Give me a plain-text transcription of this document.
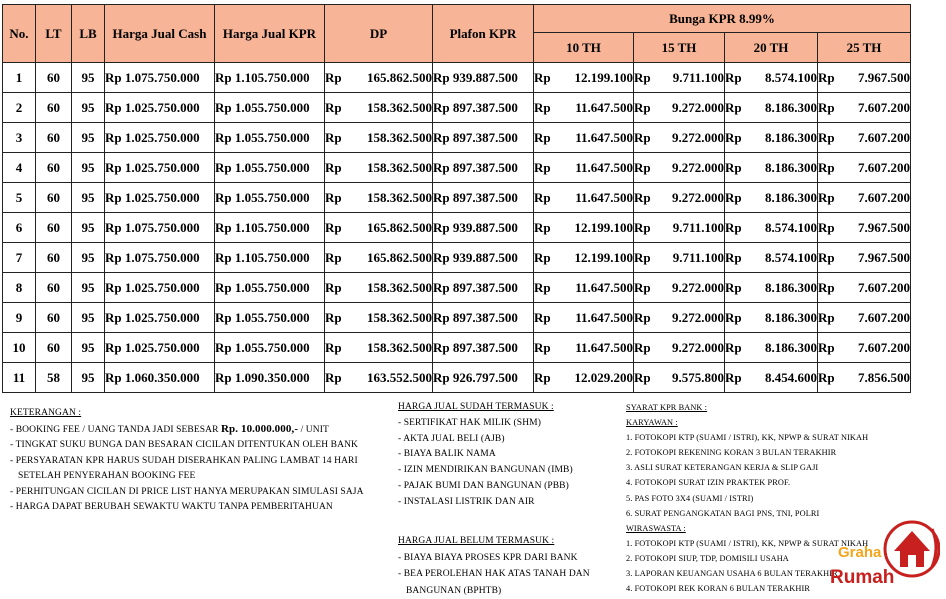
No.	LT	LB	Harga Jual Cash	Harga Jual KPR	DP	Plafon KPR	Bunga KPR 8.99%			
							10 TH	15 TH	20 TH	25 TH
1	60	95	Rp 1.075.750.000	Rp 1.105.750.000	Rp 165.862.500	Rp 939.887.500	Rp 12.199.100	Rp 9.711.100	Rp 8.574.100	Rp 7.967.500

2	60	95	Rp 1.025.750.000	Rp 1.055.750.000	Rp 158.362.500	Rp 897.387.500	Rp 11.647.500	Rp 9.272.000	Rp 8.186.300	Rp 7.607.200

3	60	95	Rp 1.025.750.000	Rp 1.055.750.000	Rp 158.362.500	Rp 897.387.500	Rp 11.647.500	Rp 9.272.000	Rp 8.186.300	Rp 7.607.200

4	60	95	Rp 1.025.750.000	Rp 1.055.750.000	Rp 158.362.500	Rp 897.387.500	Rp 11.647.500	Rp 9.272.000	Rp 8.186.300	Rp 7.607.200

5	60	95	Rp 1.025.750.000	Rp 1.055.750.000	Rp 158.362.500	Rp 897.387.500	Rp 11.647.500	Rp 9.272.000	Rp 8.186.300	Rp 7.607.200

6	60	95	Rp 1.075.750.000	Rp 1.105.750.000	Rp 165.862.500	Rp 939.887.500	Rp 12.199.100	Rp 9.711.100	Rp 8.574.100	Rp 7.967.500

7	60	95	Rp 1.075.750.000	Rp 1.105.750.000	Rp 165.862.500	Rp 939.887.500	Rp 12.199.100	Rp 9.711.100	Rp 8.574.100	Rp 7.967.500

8	60	95	Rp 1.025.750.000	Rp 1.055.750.000	Rp 158.362.500	Rp 897.387.500	Rp 11.647.500	Rp 9.272.000	Rp 8.186.300	Rp 7.607.200

9	60	95	Rp 1.025.750.000	Rp 1.055.750.000	Rp 158.362.500	Rp 897.387.500	Rp 11.647.500	Rp 9.272.000	Rp 8.186.300	Rp 7.607.200

10	60	95	Rp 1.025.750.000	Rp 1.055.750.000	Rp 158.362.500	Rp 897.387.500	Rp 11.647.500	Rp 9.272.000	Rp 8.186.300	Rp 7.607.200

11	58	95	Rp 1.060.350.000	Rp 1.090.350.000	Rp 163.552.500	Rp 926.797.500	Rp 12.029.200	Rp 9.575.800	Rp 8.454.600	Rp 7.856.500
KETERANGAN :
- BOOKING FEE / UANG TANDA JADI SEBESAR Rp. 10.000.000,- / UNIT
- TINGKAT SUKU BUNGA DAN BESARAN CICILAN DITENTUKAN OLEH BANK
- PERSYARATAN KPR HARUS SUDAH DISERAHKAN PALING LAMBAT 14 HARI
SETELAH PENYERAHAN BOOKING FEE
- PERHITUNGAN CICILAN DI PRICE LIST HANYA MERUPAKAN SIMULASI SAJA
- HARGA DAPAT BERUBAH SEWAKTU WAKTU TANPA PEMBERITAHUAN
HARGA JUAL SUDAH TERMASUK :
- SERTIFIKAT HAK MILIK (SHM)
- AKTA JUAL BELI (AJB)
- BIAYA BALIK NAMA
- IZIN MENDIRIKAN BANGUNAN (IMB)
- PAJAK BUMI DAN BANGUNAN (PBB)
- INSTALASI LISTRIK DAN AIR
HARGA JUAL BELUM TERMASUK :
- BIAYA BIAYA PROSES KPR DARI BANK
- BEA PEROLEHAN HAK ATAS TANAH DAN
BANGUNAN (BPHTB)
SYARAT KPR BANK :
KARYAWAN :
1. FOTOKOPI KTP (SUAMI / ISTRI), KK, NPWP & SURAT NIKAH
2. FOTOKOPI REKENING KORAN 3 BULAN TERAKHIR
3. ASLI SURAT KETERANGAN KERJA & SLIP GAJI
4. FOTOKOPI SURAT IZIN PRAKTEK PROF.
5. PAS FOTO 3X4 (SUAMI / ISTRI)
6. SURAT PENGANGKATAN BAGI PNS, TNI, POLRI
WIRASWASTA :
1. FOTOKOPI KTP (SUAMI / ISTRI), KK, NPWP & SURAT NIKAH
2. FOTOKOPI SIUP, TDP, DOMISILI USAHA
3. LAPORAN KEUANGAN USAHA 6 BULAN TERAKHIR
4. FOTOKOPI REK KORAN 6 BULAN TERAKHIR
Graha
Rumah
